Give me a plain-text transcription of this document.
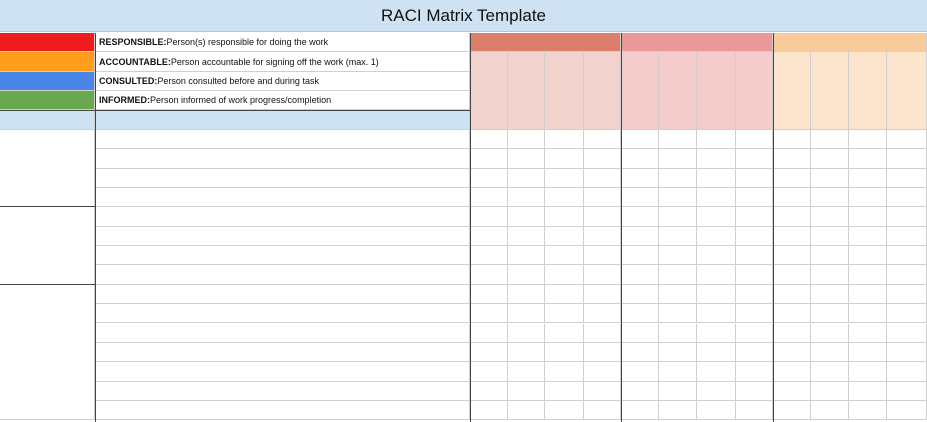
RACI Matrix Template
RESPONSIBLE: Person(s) responsible for doing the work
ACCOUNTABLE: Person accountable for signing off the work (max. 1)
CONSULTED: Person consulted before and during task
INFORMED: Person informed of work progress/completion
